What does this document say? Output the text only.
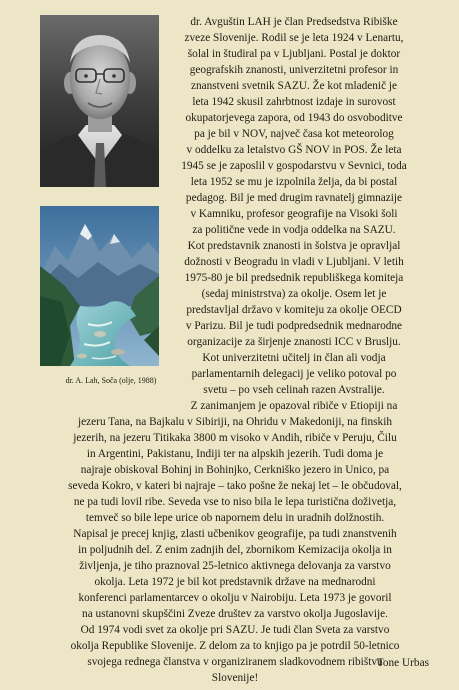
dr. A. Lah, Soča (olje, 1988)
dr. Avguštin LAH je član Predsedstva Ribiške
zveze Slovenije. Rodil se je leta 1924 v Lenartu,
šolal in študiral pa v Ljubljani. Postal je doktor
geografskih znanosti, univerzitetni profesor in
znanstveni svetnik SAZU. Že kot mladenič je
leta 1942 skusil zahrbtnost izdaje in surovost
okupatorjevega zapora, od 1943 do osvoboditve
pa je bil v NOV, največ časa kot meteorolog
v oddelku za letalstvo GŠ NOV in POS. Že leta
1945 se je zaposlil v gospodarstvu v Sevnici, toda
leta 1952 se mu je izpolnila želja, da bi postal
pedagog. Bil je med drugim ravnatelj gimnazije
v Kamniku, profesor geografije na Visoki šoli
za politične vede in vodja oddelka na SAZU.
Kot predstavnik znanosti in šolstva je opravljal
dožnosti v Beogradu in vladi v Ljubljani. V letih
1975-80 je bil predsednik republiškega komiteja
(sedaj ministrstva) za okolje. Osem let je
predstavljal državo v komiteju za okolje OECD
v Parizu. Bil je tudi podpredsednik mednarodne
organizacije za širjenje znanosti ICC v Bruslju.
Kot univerzitetni učitelj in član ali vodja
parlamentarnih delegacij je veliko potoval po
svetu – po vseh celinah razen Avstralije.
Z zanimanjem je opazoval ribiče v Etiopiji na
jezeru Tana, na Bajkalu v Sibiriji, na Ohridu v Makedoniji, na finskih
jezerih, na jezeru Titikaka 3800 m visoko v Andih, ribiče v Peruju, Čilu
in Argentini, Pakistanu, Indiji ter na alpskih jezerih. Tudi doma je
najraje obiskoval Bohinj in Bohinjko, Cerkniško jezero in Unico, pa
seveda Kokro, v kateri bi najraje – tako pošne že nekaj let – le občudoval,
ne pa tudi lovil ribe. Seveda vse to niso bila le lepa turistična doživetja,
temveč so bile lepe urice ob napornem delu in uradnih dolžnostih.
Napisal je precej knjig, zlasti učbenikov geografije, pa tudi znanstvenih
in poljudnih del. Z enim zadnjih del, zbornikom Kemizacija okolja in
življenja, je tiho praznoval 25-letnico aktivnega delovanja za varstvo
okolja. Leta 1972 je bil kot predstavnik države na mednarodni
konferenci parlamentarcev o okolju v Nairobiju. Leta 1973 je govoril
na ustanovni skupščini Zveze društev za varstvo okolja Jugoslavije.
Od 1974 vodi svet za okolje pri SAZU. Je tudi član Sveta za varstvo
okolja Republike Slovenije. Z delom za to knjigo pa je potrdil 50-letnico
svojega rednega članstva v organiziranem sladkovodnem ribištvu
Slovenije!
Tone Urbas
